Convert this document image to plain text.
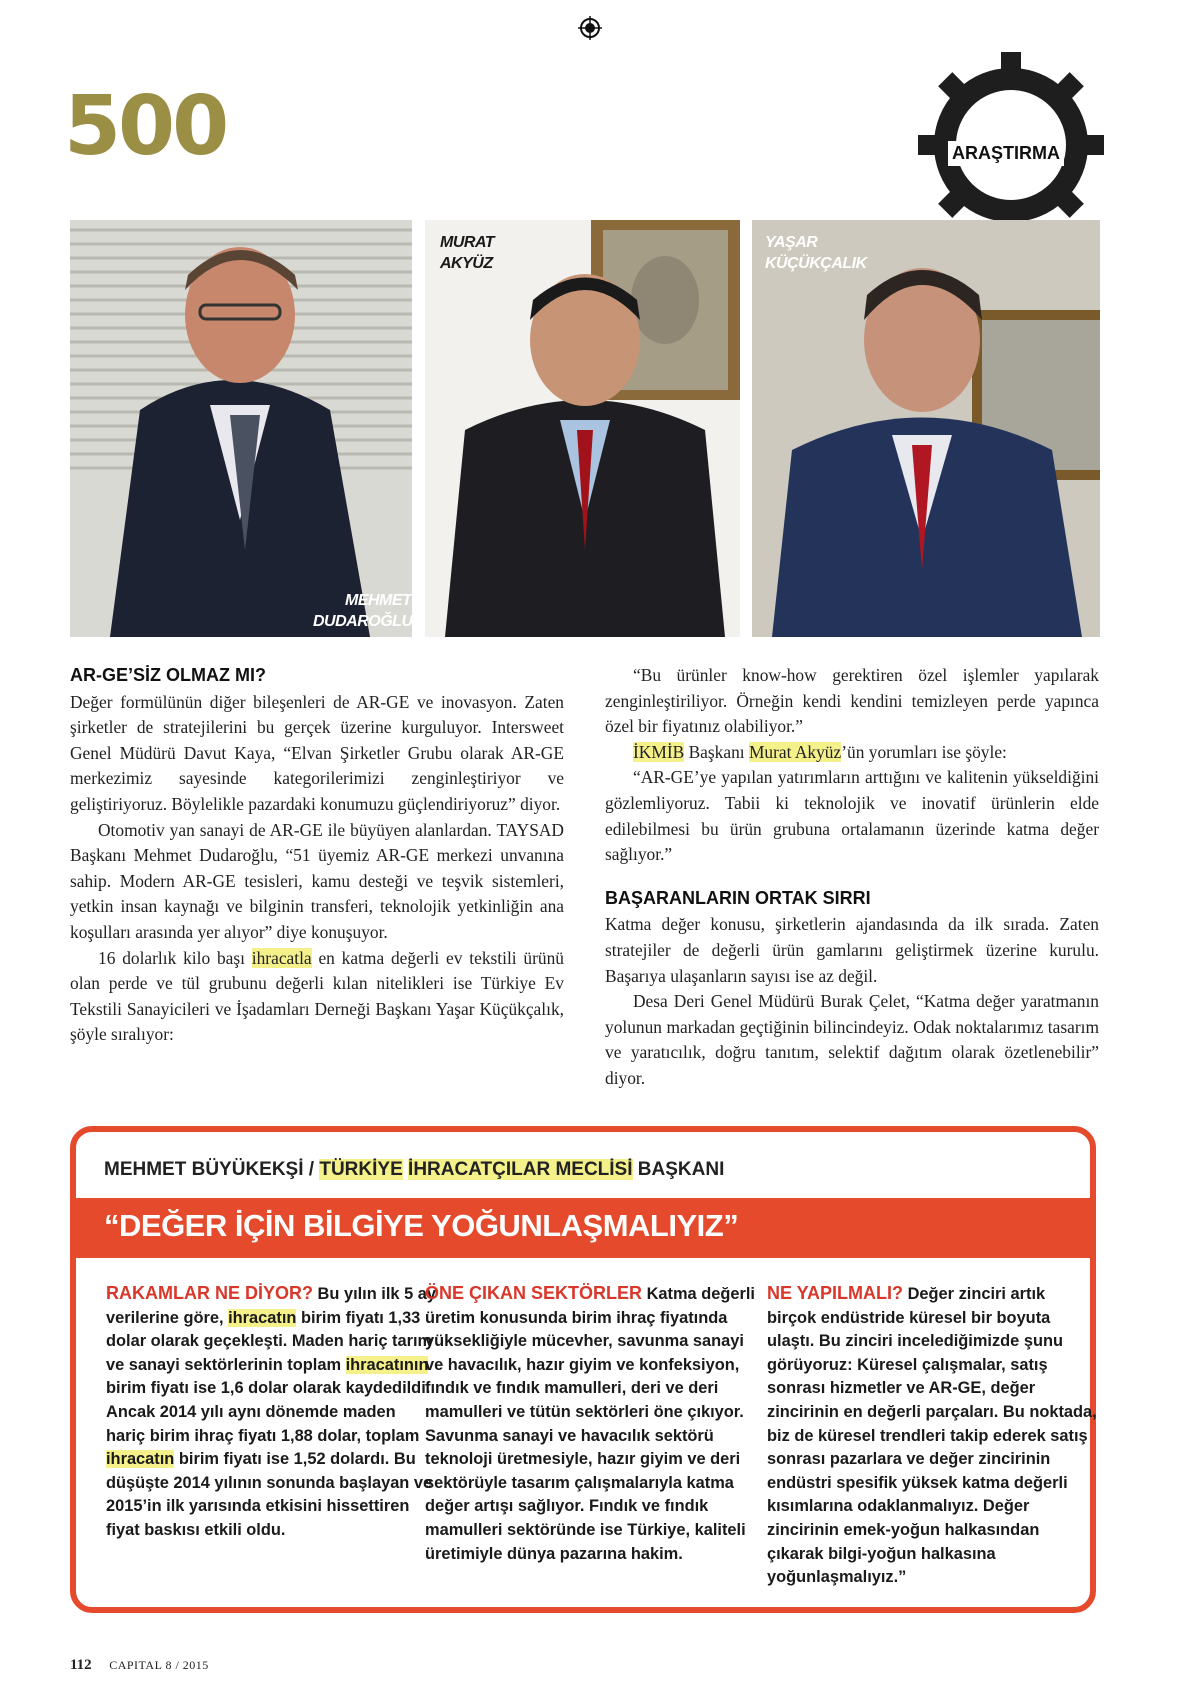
500	ARAŞTIRMA
MEHMET
DUDAROĞLU
MURAT
AKYÜZ
YAŞAR
KÜÇÜKÇALIK
AR-GE’SİZ OLMAZ MI?

Değer formülünün diğer bileşenleri de AR-GE ve inovasyon. Zaten şirketler de stratejilerini bu gerçek üzerine kurguluyor. Intersweet Genel Müdürü Davut Kaya, “Elvan Şirketler Grubu olarak AR-GE merkezimiz sayesinde kategorilerimizi zenginleştiriyor ve geliştiriyoruz. Böylelikle pazardaki konumuzu güçlendiriyoruz” diyor.

Otomotiv yan sanayi de AR-GE ile büyüyen alanlardan. TAYSAD Başkanı Mehmet Dudaroğlu, “51 üyemiz AR-GE merkezi unvanına sahip. Modern AR-GE tesisleri, kamu desteği ve teşvik sistemleri, yetkin insan kaynağı ve bilginin transferi, teknolojik yetkinliğin ana koşulları arasında yer alıyor” diye konuşuyor.

16 dolarlık kilo başı ihracatla en katma değerli ev tekstili ürünü olan perde ve tül grubunu değerli kılan nitelikleri ise Türkiye Ev Tekstili Sanayicileri ve İşadamları Derneği Başkanı Yaşar Küçükçalık, şöyle sıralıyor:

“Bu ürünler know-how gerektiren özel işlemler yapılarak zenginleştiriliyor. Örneğin kendi kendini temizleyen perde yapınca özel bir fiyatınız olabiliyor.”

İKMİB Başkanı Murat Akyüz’ün yorumları ise şöyle:

“AR-GE’ye yapılan yatırımların arttığını ve kalitenin yükseldiğini gözlemliyoruz. Tabii ki teknolojik ve inovatif ürünlerin elde edilebilmesi bu ürün grubuna ortalamanın üzerinde katma değer sağlıyor.”

BAŞARANLARIN ORTAK SIRRI

Katma değer konusu, şirketlerin ajandasında da ilk sırada. Zaten stratejiler de değerli ürün gamlarını geliştirmek üzerine kurulu. Başarıya ulaşanların sayısı ise az değil.

Desa Deri Genel Müdürü Burak Çelet, “Katma değer yaratmanın yolunun markadan geçtiğinin bilincindeyiz. Odak noktalarımız tasarım ve yaratıcılık, doğru tanıtım, selektif dağıtım olarak özetlenebilir” diyor.

MEHMET BÜYÜKEKŞİ / TÜRKİYE İHRACATÇILAR MECLİSİ BAŞKANI
“DEĞER İÇİN BİLGİYE YOĞUNLAŞMALIYIZ”
RAKAMLAR NE DİYOR? Bu yılın ilk 5 ay verilerine göre, ihracatın birim fiyatı 1,33 dolar olarak geçekleşti. Maden hariç tarım ve sanayi sektörlerinin toplam ihracatının birim fiyatı ise 1,6 dolar olarak kaydedildi. Ancak 2014 yılı aynı dönemde maden hariç birim ihraç fiyatı 1,88 dolar, toplam ihracatın birim fiyatı ise 1,52 dolardı. Bu düşüşte 2014 yılının sonunda başlayan ve 2015’in ilk yarısında etkisini hissettiren fiyat baskısı etkili oldu.
ÖNE ÇIKAN SEKTÖRLER Katma değerli üretim konusunda birim ihraç fiyatında yüksekliğiyle mücevher, savunma sanayi ve havacılık, hazır giyim ve konfeksiyon, fındık ve fındık mamulleri, deri ve deri mamulleri ve tütün sektörleri öne çıkıyor. Savunma sanayi ve havacılık sektörü teknoloji üretmesiyle, hazır giyim ve deri sektörüyle tasarım çalışmalarıyla katma değer artışı sağlıyor. Fındık ve fındık mamulleri sektöründe ise Türkiye, kaliteli üretimiyle dünya pazarına hakim.
NE YAPILMALI? Değer zinciri artık birçok endüstride küresel bir boyuta ulaştı. Bu zinciri incelediğimizde şunu görüyoruz: Küresel çalışmalar, satış sonrası hizmetler ve AR-GE, değer zincirinin en değerli parçaları. Bu noktada, biz de küresel trendleri takip ederek satış sonrası pazarlara ve değer zincirinin endüstri spesifik yüksek katma değerli kısımlarına odaklanmalıyız. Değer zincirinin emek-yoğun halkasından çıkarak bilgi-yoğun halkasına yoğunlaşmalıyız.”
112 CAPITAL 8 / 2015
